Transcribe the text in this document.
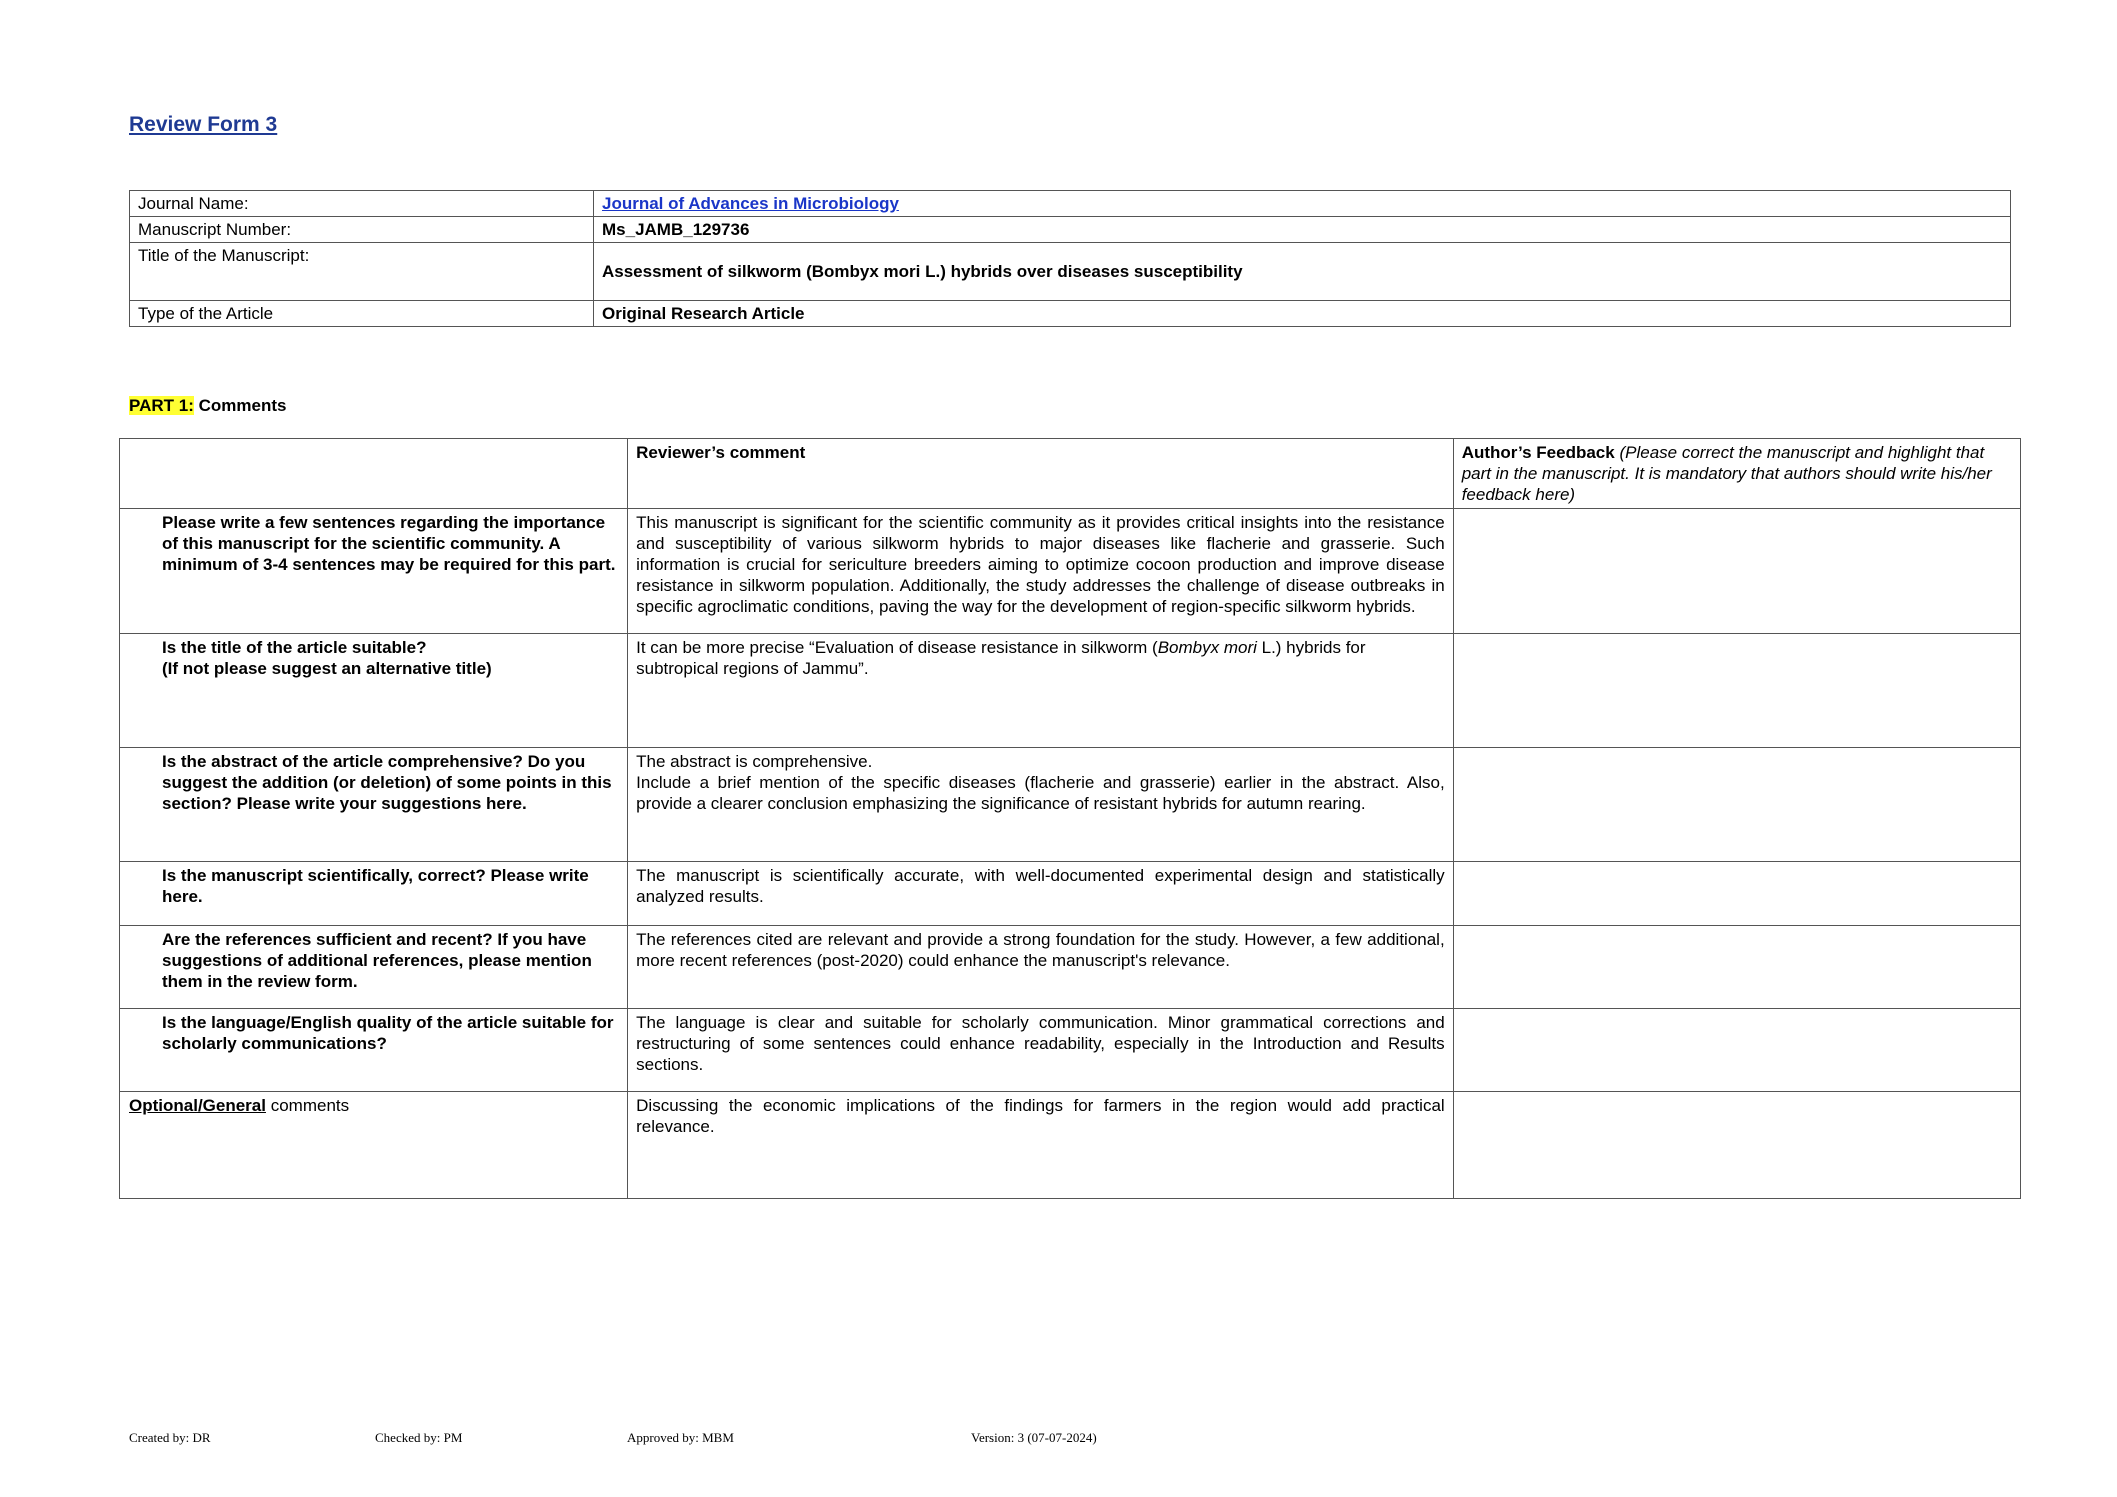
Review Form 3
Journal Name:	Journal of Advances in Microbiology
Manuscript Number:	Ms_JAMB_129736
Title of the Manuscript:	Assessment of silkworm (Bombyx mori L.) hybrids over diseases susceptibility
Type of the Article	Original Research Article
PART 1: Comments
	Reviewer’s comment	Author’s Feedback (Please correct the manuscript and highlight that part in the manuscript. It is mandatory that authors should write his/her feedback here)
Please write a few sentences regarding the importance of this manuscript for the scientific community. A minimum of 3-4 sentences may be required for this part.	This manuscript is significant for the scientific community as it provides critical insights into the resistance and susceptibility of various silkworm hybrids to major diseases like flacherie and grasserie. Such information is crucial for sericulture breeders aiming to optimize cocoon production and improve disease resistance in silkworm population. Additionally, the study addresses the challenge of disease outbreaks in specific agroclimatic conditions, paving the way for the development of region-specific silkworm hybrids.	

Is the title of the article suitable?
(If not please suggest an alternative title)	It can be more precise “Evaluation of disease resistance in silkworm (Bombyx mori L.) hybrids for subtropical regions of Jammu”.	
Is the abstract of the article comprehensive? Do you suggest the addition (or deletion) of some points in this section? Please write your suggestions here.	The abstract is comprehensive.
Include a brief mention of the specific diseases (flacherie and grasserie) earlier in the abstract. Also, provide a clearer conclusion emphasizing the significance of resistant hybrids for autumn rearing.	

Is the manuscript scientifically, correct? Please write here.	The manuscript is scientifically accurate, with well-documented experimental design and statistically analyzed results.	
Are the references sufficient and recent? If you have suggestions of additional references, please mention them in the review form.	The references cited are relevant and provide a strong foundation for the study. However, a few additional, more recent references (post-2020) could enhance the manuscript's relevance.	
Is the language/English quality of the article suitable for scholarly communications?	The language is clear and suitable for scholarly communication. Minor grammatical corrections and restructuring of some sentences could enhance readability, especially in the Introduction and Results sections.	
Optional/General comments	Discussing the economic implications of the findings for farmers in the region would add practical relevance.	
Created by: DR	Checked by: PM	Approved by: MBM	Version: 3 (07-07-2024)
